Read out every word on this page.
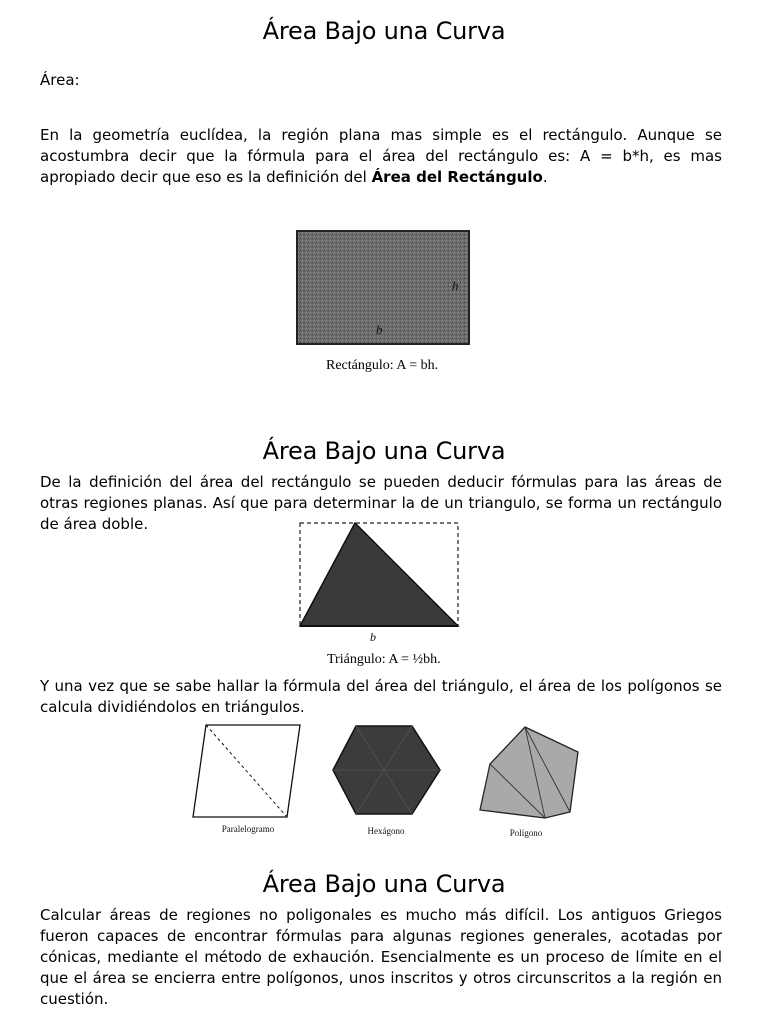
Área Bajo una Curva
Área:
En la geometría euclídea, la región plana mas simple es el rectángulo. Aunque se acostumbra decir que la fórmula para el área del rectángulo es: A = b*h, es mas apropiado decir que eso es la definición del Área del Rectángulo.
h
b
Rectángulo: A = bh.
Área Bajo una Curva
De la definición del área del rectángulo se pueden deducir fórmulas para las áreas de otras regiones planas. Así que para determinar la de un triangulo, se forma un rectángulo de área doble.
b
Triángulo: A = ½bh.
Y una vez que se sabe hallar la fórmula del área del triángulo, el área de los polígonos se calcula dividiéndolos en triángulos.
Paralelogramo	Hexágono	Polígono
Área Bajo una Curva
Calcular áreas de regiones no poligonales es mucho más difícil. Los antiguos Griegos fueron capaces de encontrar fórmulas para algunas regiones generales, acotadas por cónicas, mediante el método de exhaución. Esencialmente es un proceso de límite en el que el área se encierra entre polígonos, unos inscritos y otros circunscritos a la región en cuestión.
